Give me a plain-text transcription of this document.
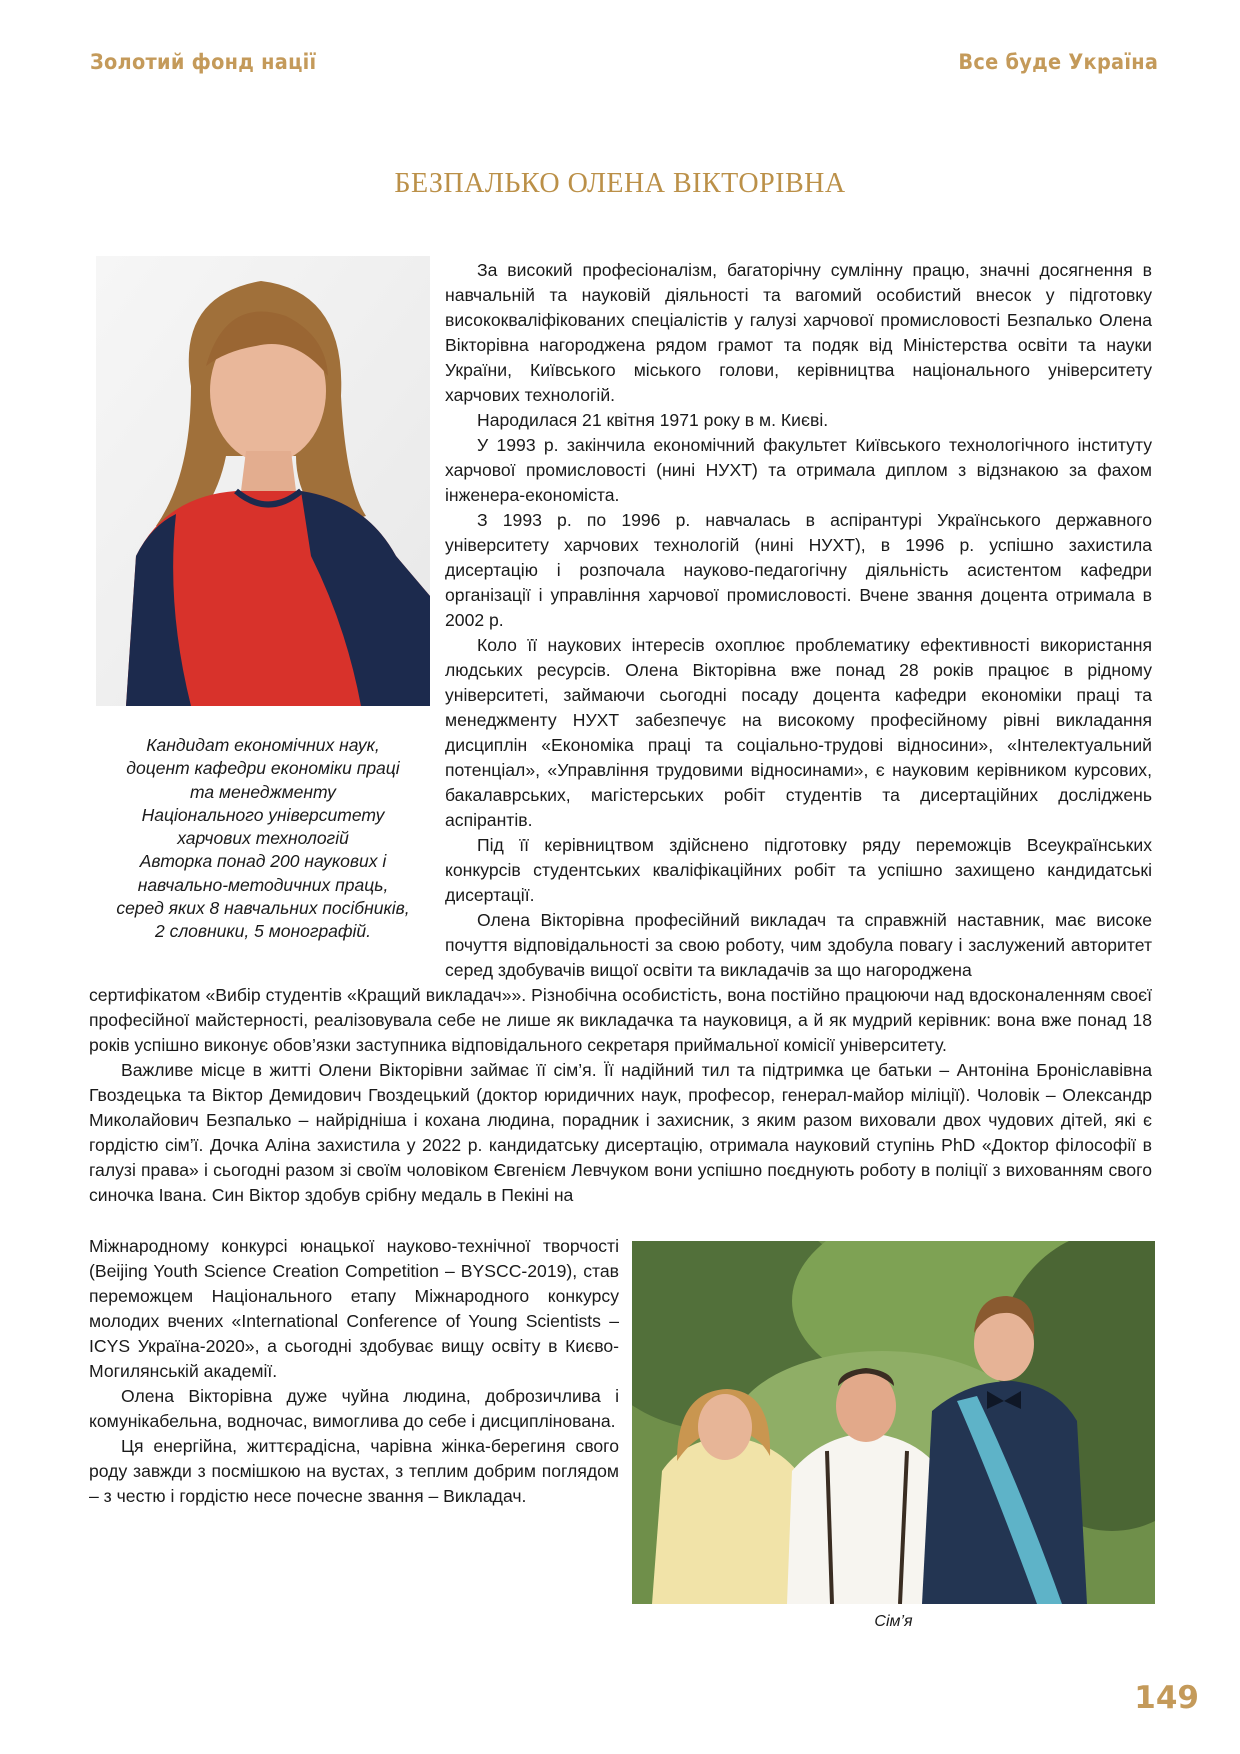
Золотий фонд нації	Все буде Україна
БЕЗПАЛЬКО ОЛЕНА ВІКТОРІВНА
Кандидат економічних наук,
доцент кафедри економіки праці
та менеджменту
Національного університету
харчових технологій
Авторка понад 200 наукових і
навчально-методичних праць,
серед яких 8 навчальних посібників,
2 словники, 5 монографій.

За високий професіоналізм, багаторічну сумлінну працю, значні досягнення в навчальній та науковій діяльності та вагомий особистий внесок у підготовку висококваліфікованих спеціалістів у галузі харчової промисловості Безпалько Олена Вікторівна нагороджена рядом грамот та подяк від Міністерства освіти та науки України, Київського міського голови, керівництва національного університету харчових технологій.

Народилася 21 квітня 1971 року в м. Києві.

У 1993 р. закінчила економічний факультет Київського технологічного інституту харчової промисловості (нині НУХТ) та отримала диплом з відзнакою за фахом інженера-економіста.

З 1993 р. по 1996 р. навчалась в аспірантурі Українського державного університету харчових технологій (нині НУХТ), в 1996 р. успішно захистила дисертацію і розпочала науково-педагогічну діяльність асистентом кафедри організації і управління харчової промисловості. Вчене звання доцента отримала в 2002 р.

Коло її наукових інтересів охоплює проблематику ефективності використання людських ресурсів. Олена Вікторівна вже понад 28 років працює в рідному університеті, займаючи сьогодні посаду доцента кафедри економіки праці та менеджменту НУХТ забезпечує на високому професійному рівні викладання дисциплін «Економіка праці та соціально-трудові відносини», «Інтелектуальний потенціал», «Управління трудовими відносинами», є науковим керівником курсових, бакалаврських, магістерських робіт студентів та дисертаційних досліджень аспірантів.

Під її керівництвом здійснено підготовку ряду переможців Всеукраїнських конкурсів студентських кваліфікаційних робіт та успішно захищено кандидатські дисертації.

Олена Вікторівна професійний викладач та справжній наставник, має високе почуття відповідальності за свою роботу, чим здобула повагу і заслужений авторитет серед здобувачів вищої освіти та викладачів за що нагороджена

сертифікатом «Вибір студентів «Кращий викладач»». Різнобічна особистість, вона постійно працюючи над вдосконаленням своєї професійної майстерності, реалізовувала себе не лише як викладачка та науковиця, а й як мудрий керівник: вона вже понад 18 років успішно виконує обов’язки заступника відповідального секретаря приймальної комісії університету.

Важливе місце в житті Олени Вікторівни займає її сім’я. Її надійний тил та підтримка це батьки – Антоніна Броніславівна Гвоздецька та Віктор Демидович Гвоздецький (доктор юридичних наук, професор, генерал-майор міліції). Чоловік – Олександр Миколайович Безпалько – найрідніша і кохана людина, порадник і захисник, з яким разом виховали двох чудових дітей, які є гордістю сім’ї. Дочка Аліна захистила у 2022 р. кандидатську дисертацію, отримала науковий ступінь PhD «Доктор філософії в галузі права» і сьогодні разом зі своїм чоловіком Євгенієм Левчуком вони успішно поєднують роботу в поліції з вихованням свого синочка Івана. Син Віктор здобув срібну медаль в Пекіні на

Міжнародному конкурсі юнацької науково-технічної творчості (Beijing Youth Science Creation Competition – BYSCC-2019), став переможцем Національного етапу Міжнародного конкурсу молодих вчених «International Conference of Young Scientists – ICYS Україна-2020», а сьогодні здобуває вищу освіту в Києво-Могилянській академії.

Олена Вікторівна дуже чуйна людина, доброзичлива і комунікабельна, водночас, вимоглива до себе і дисциплінована.

Ця енергійна, життєрадісна, чарівна жінка-берегиня свого роду завжди з посмішкою на вустах, з теплим добрим поглядом – з честю і гордістю несе почесне звання – Викладач.

Сім’я
149
